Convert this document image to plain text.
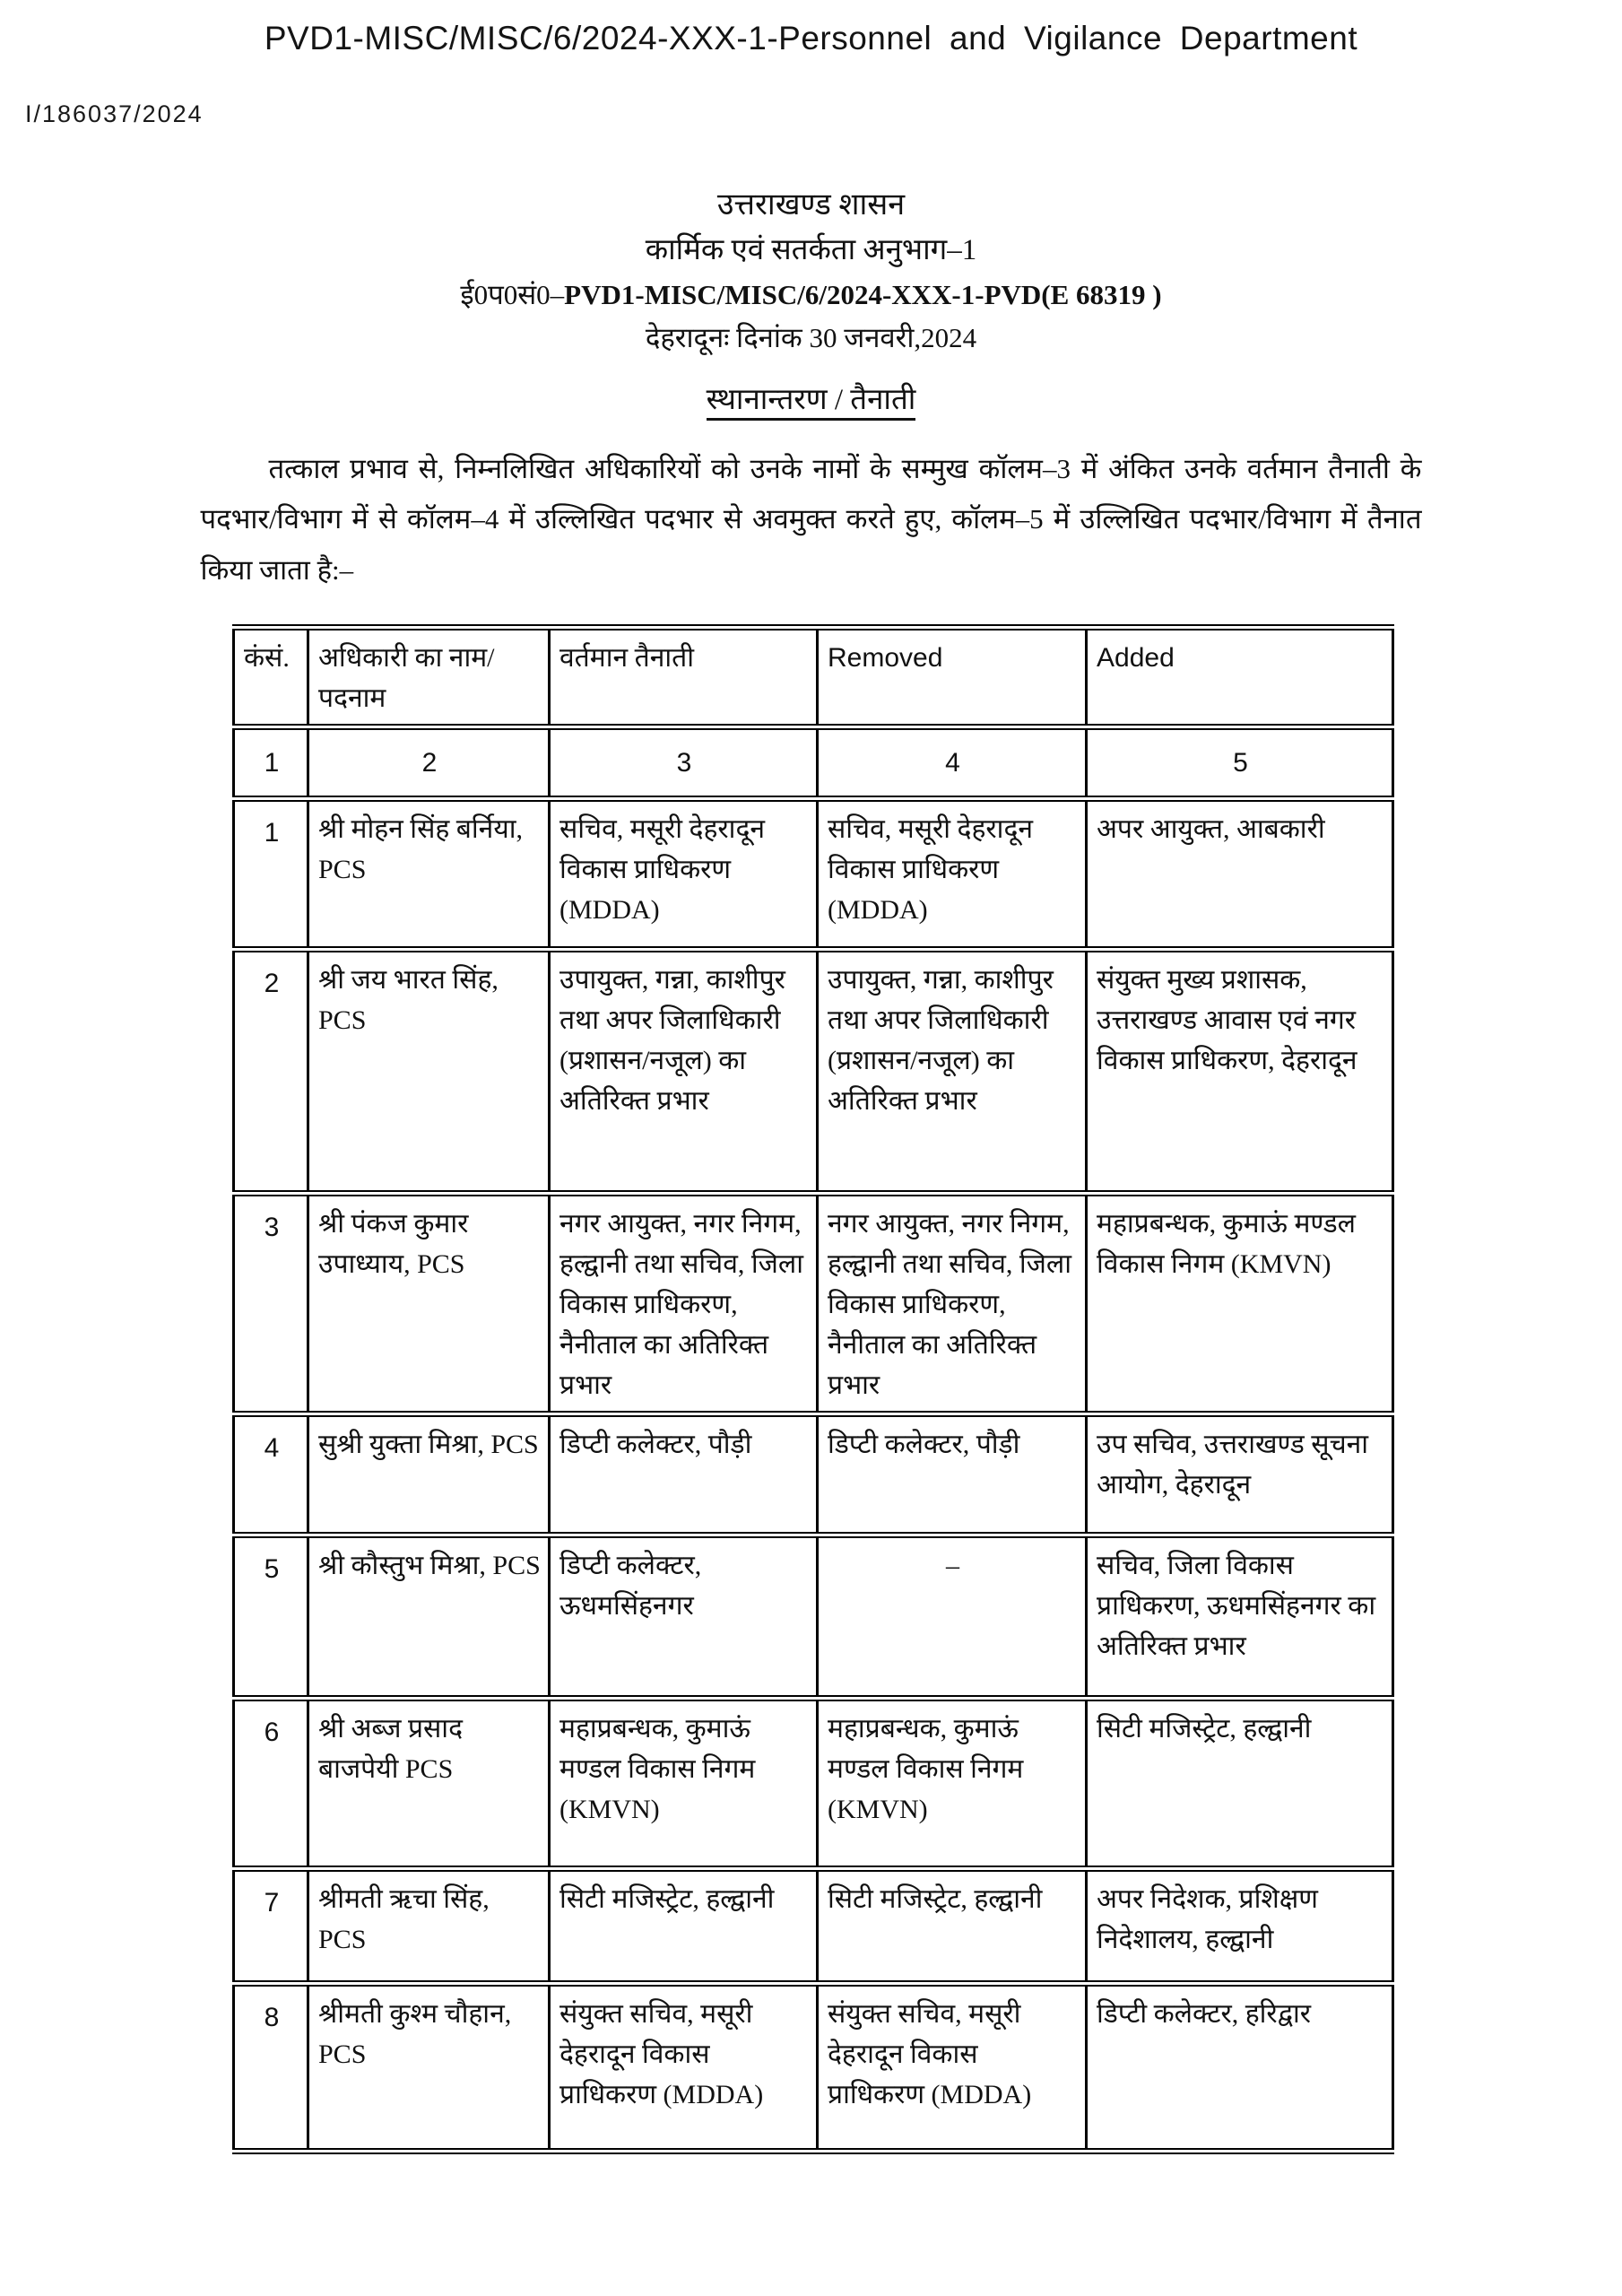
PVD1-MISC/MISC/6/2024-XXX-1-Personnel and Vigilance Department
I/186037/2024
उत्तराखण्ड शासन
कार्मिक एवं सतर्कता अनुभाग–1
ई0प0सं0–PVD1-MISC/MISC/6/2024-XXX-1-PVD(E 68319 )
देहरादूनः दिनांक 30 जनवरी,2024
स्थानान्तरण / तैनाती

तत्काल प्रभाव से, निम्नलिखित अधिकारियों को उनके नामों के सम्मुख कॉलम–3 में अंकित उनके वर्तमान तैनाती के पदभार/विभाग में से कॉलम–4 में उल्लिखित पदभार से अवमुक्त करते हुए, कॉलम–5 में उल्लिखित पदभार/विभाग में तैनात किया जाता है:–

कंसं.	अधिकारी का नाम/पदनाम	वर्तमान तैनाती	Removed	Added
1	2	3	4	5
1	श्री मोहन सिंह बर्निया, PCS	सचिव, मसूरी देहरादून विकास प्राधिकरण (MDDA)	सचिव, मसूरी देहरादून विकास प्राधिकरण (MDDA)	अपर आयुक्त, आबकारी
2	श्री जय भारत सिंह, PCS	उपायुक्त, गन्ना, काशीपुर तथा अपर जिलाधिकारी (प्रशासन/नजूल) का अतिरिक्त प्रभार	उपायुक्त, गन्ना, काशीपुर तथा अपर जिलाधिकारी (प्रशासन/नजूल) का अतिरिक्त प्रभार	संयुक्त मुख्य प्रशासक, उत्तराखण्ड आवास एवं नगर विकास प्राधिकरण, देहरादून
3	श्री पंकज कुमार उपाध्याय, PCS	नगर आयुक्त, नगर निगम, हल्द्वानी तथा सचिव, जिला विकास प्राधिकरण, नैनीताल का अतिरिक्त प्रभार	नगर आयुक्त, नगर निगम, हल्द्वानी तथा सचिव, जिला विकास प्राधिकरण, नैनीताल का अतिरिक्त प्रभार	महाप्रबन्धक, कुमाऊं मण्डल विकास निगम (KMVN)
4	सुश्री युक्ता मिश्रा, PCS	डिप्टी कलेक्टर, पौड़ी	डिप्टी कलेक्टर, पौड़ी	उप सचिव, उत्तराखण्ड सूचना आयोग, देहरादून
5	श्री कौस्तुभ मिश्रा, PCS	डिप्टी कलेक्टर, ऊधमसिंहनगर	–	सचिव, जिला विकास प्राधिकरण, ऊधमसिंहनगर का अतिरिक्त प्रभार
6	श्री अब्ज प्रसाद बाजपेयी PCS	महाप्रबन्धक, कुमाऊं मण्डल विकास निगम (KMVN)	महाप्रबन्धक, कुमाऊं मण्डल विकास निगम (KMVN)	सिटी मजिस्ट्रेट, हल्द्वानी
7	श्रीमती ऋचा सिंह, PCS	सिटी मजिस्ट्रेट, हल्द्वानी	सिटी मजिस्ट्रेट, हल्द्वानी	अपर निदेशक, प्रशिक्षण निदेशालय, हल्द्वानी
8	श्रीमती कुश्म चौहान, PCS	संयुक्त सचिव, मसूरी देहरादून विकास प्राधिकरण (MDDA)	संयुक्त सचिव, मसूरी देहरादून विकास प्राधिकरण (MDDA)	डिप्टी कलेक्टर, हरिद्वार
